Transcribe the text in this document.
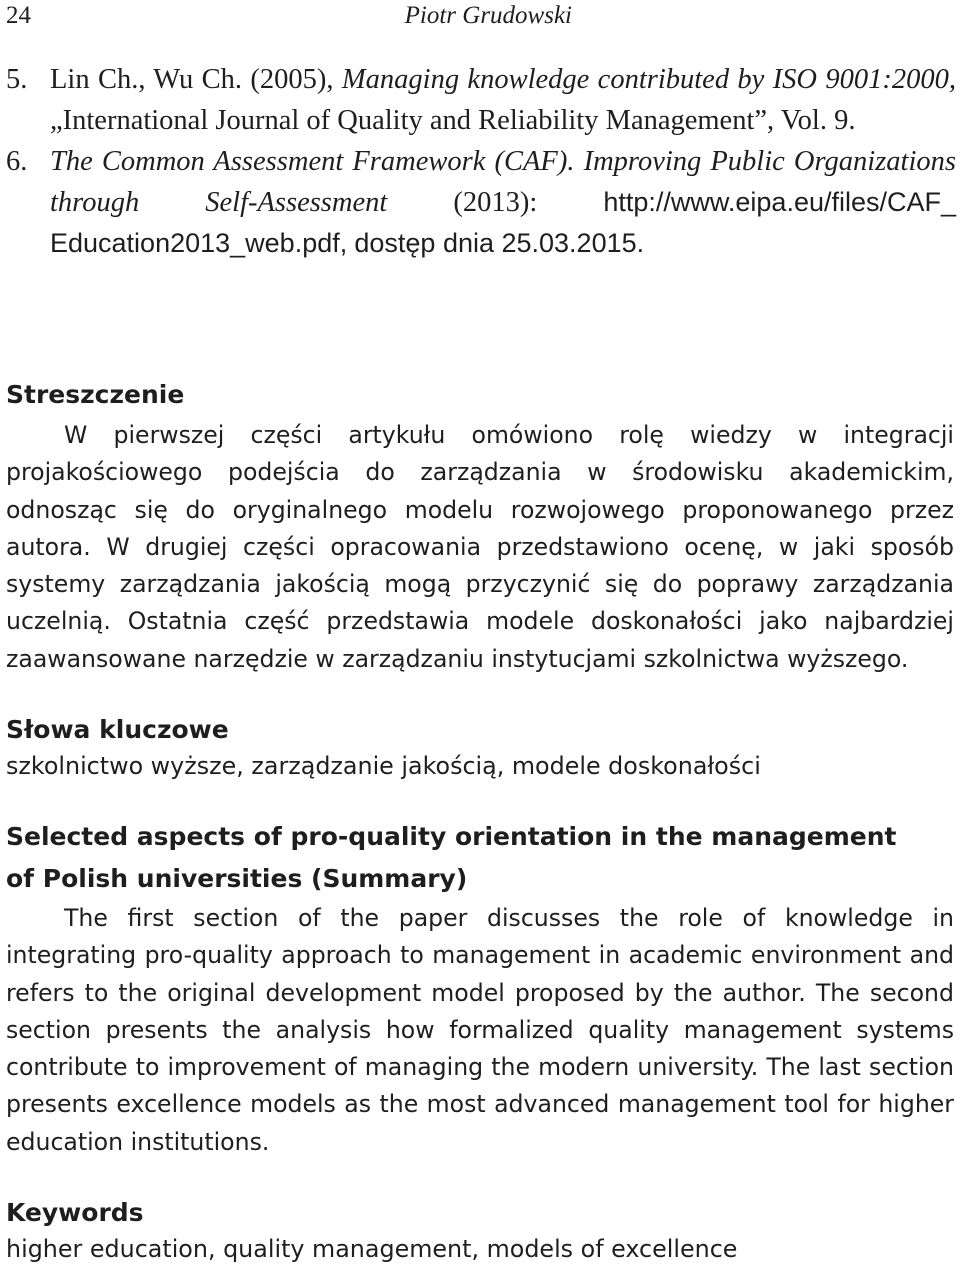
24	Piotr Grudowski
5. Lin Ch., Wu Ch. (2005), Managing knowledge contributed by ISO 9001:2000, „International Journal of Quality and Reliability Management”, Vol. 9.
6. The Common Assessment Framework (CAF). Improving Public Organizations through Self-Assessment (2013): http://www.eipa.eu/files/CAF_ Education2013_web.pdf, dostęp dnia 25.03.2015.
Streszczenie

W pierwszej części artykułu omówiono rolę wiedzy w integracji projakościowego podejścia do zarządzania w środowisku akademickim, odnosząc się do oryginalnego modelu rozwojowego proponowanego przez autora. W drugiej części opracowania przedstawiono ocenę, w jaki sposób systemy zarządzania jakością mogą przyczynić się do poprawy zarządzania uczelnią. Ostatnia część przedstawia modele doskonałości jako najbardziej zaawansowane narzędzie w zarządzaniu instytucjami szkolnictwa wyższego.

Słowa kluczowe
szkolnictwo wyższe, zarządzanie jakością, modele doskonałości
Selected aspects of pro-quality orientation in the management
of Polish universities (Summary)

The first section of the paper discusses the role of knowledge in integrating pro-quality approach to management in academic environment and refers to the original development model proposed by the author. The second section presents the analysis how formalized quality management systems contribute to improvement of managing the modern university. The last section presents excellence models as the most advanced management tool for higher education institutions.

Keywords
higher education, quality management, models of excellence
